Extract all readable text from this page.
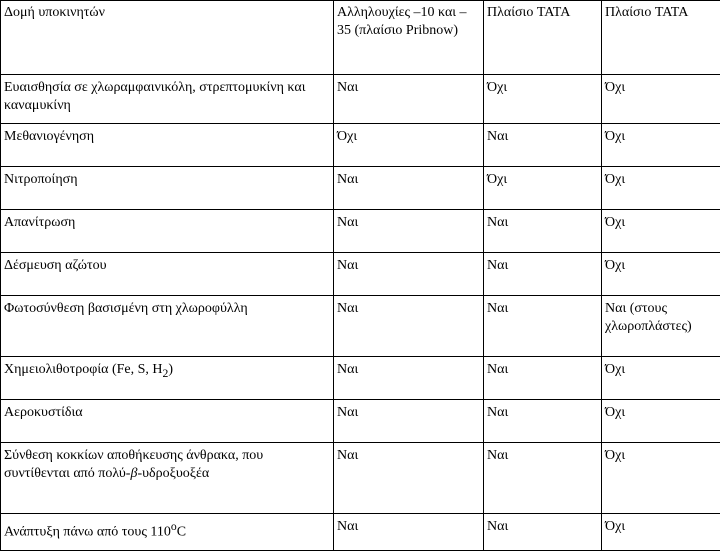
Δομή υποκινητών	Αλληλουχίες –10 και –35 (πλαίσιο Pribnow)	Πλαίσιο TATA	Πλαίσιο TATA
Ευαισθησία σε χλωραμφαινικόλη, στρεπτομυκίνη και καναμυκίνη	Ναι	Όχι	Όχι
Μεθανιογένηση	Όχι	Ναι	Όχι
Νιτροποίηση	Ναι	Όχι	Όχι
Απανίτρωση	Ναι	Ναι	Όχι
Δέσμευση αζώτου	Ναι	Ναι	Όχι
Φωτοσύνθεση βασισμένη στη χλωροφύλλη	Ναι	Ναι	Ναι (στους χλωροπλάστες)
Χημειολιθοτροφία (Fe, S, $H_2$)	Ναι	Ναι	Όχι
Αεροκυστίδια	Ναι	Ναι	Όχι
Σύνθεση κοκκίων αποθήκευσης άνθρακα, που συντίθενται από πολύ-β-υδροξυοξέα	Ναι	Ναι	Όχι
Ανάπτυξη πάνω από τους 110$^o$C	Ναι	Ναι	Όχι
